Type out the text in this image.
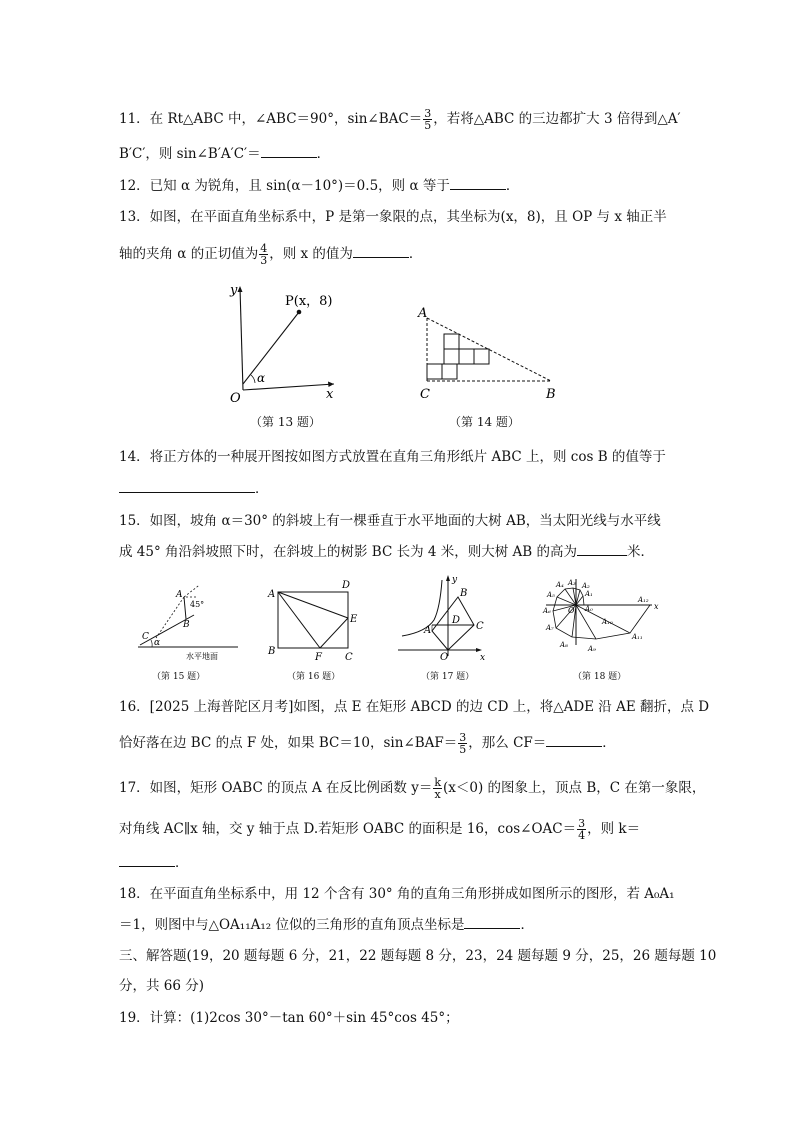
11．在 Rt△ABC 中，∠ABC＝90°，sin∠BAC＝ $\frac{3}{5}$ ，若将△ABC 的三边都扩大 3 倍得到△A′
B′C′，则 sin∠B′A′C′＝	．
12．已知 α 为锐角，且 sin(α－10°)＝0.5，则 α 等于	．
13．如图，在平面直角坐标系中，P 是第一象限的点，其坐标为(x，8)，且 OP 与 x 轴正半
轴的夹角 α 的正切值为 $\frac{4}{3}$ ，则 x 的值为	．
y
x
O
P(x，8)
α
（第 13 题）
A
C	B
（第 14 题）
14．将正方体的一种展开图按如图方式放置在直角三角形纸片 ABC 上，则 cos B 的值等于
．
15．如图，坡角 α＝30° 的斜坡上有一棵垂直于水平地面的大树 AB，当太阳光线与水平线
成 45° 角沿斜坡照下时，在斜坡上的树影 BC 长为 4 米，则大树 AB 的高为	米．
A
45°
B
C
α
水平地面
（第 15 题）
A
D
E
B
F C
（第 16 题）
y
x
O
A
B
C
D
（第 17 题）
O	x
A₀
A₁
A₂
A₃
A₄
A₅
A₆
A₇
A₈	A₉
A₁₀
A₁₁
A₁₂
（第 18 题）
16．[2025 上海普陀区月考]如图，点 E 在矩形 ABCD 的边 CD 上，将△ADE 沿 AE 翻折，点 D
恰好落在边 BC 的点 F 处，如果 BC＝10，sin∠BAF＝ $\frac{3}{5}$ ，那么 CF＝	．
17．如图，矩形 OABC 的顶点 A 在反比例函数 $y= \frac{k}{x} (x<0)$ 的图象上，顶点 B，C 在第一象限，
对角线 AC∥x 轴，交 y 轴于点 D.若矩形 OABC 的面积是 16，cos∠OAC＝ $\frac{3}{4}$ ，则 k＝
．
18．在平面直角坐标系中，用 12 个含有 30° 角的直角三角形拼成如图所示的图形，若 A₀A₁
＝1，则图中与△OA₁₁A₁₂ 位似的三角形的直角顶点坐标是	．
三、解答题(19，20 题每题 6 分，21，22 题每题 8 分，23，24 题每题 9 分，25，26 题每题 10
分，共 66 分)
19．计算：(1)2cos 30°－tan 60°＋sin 45°cos 45°；
